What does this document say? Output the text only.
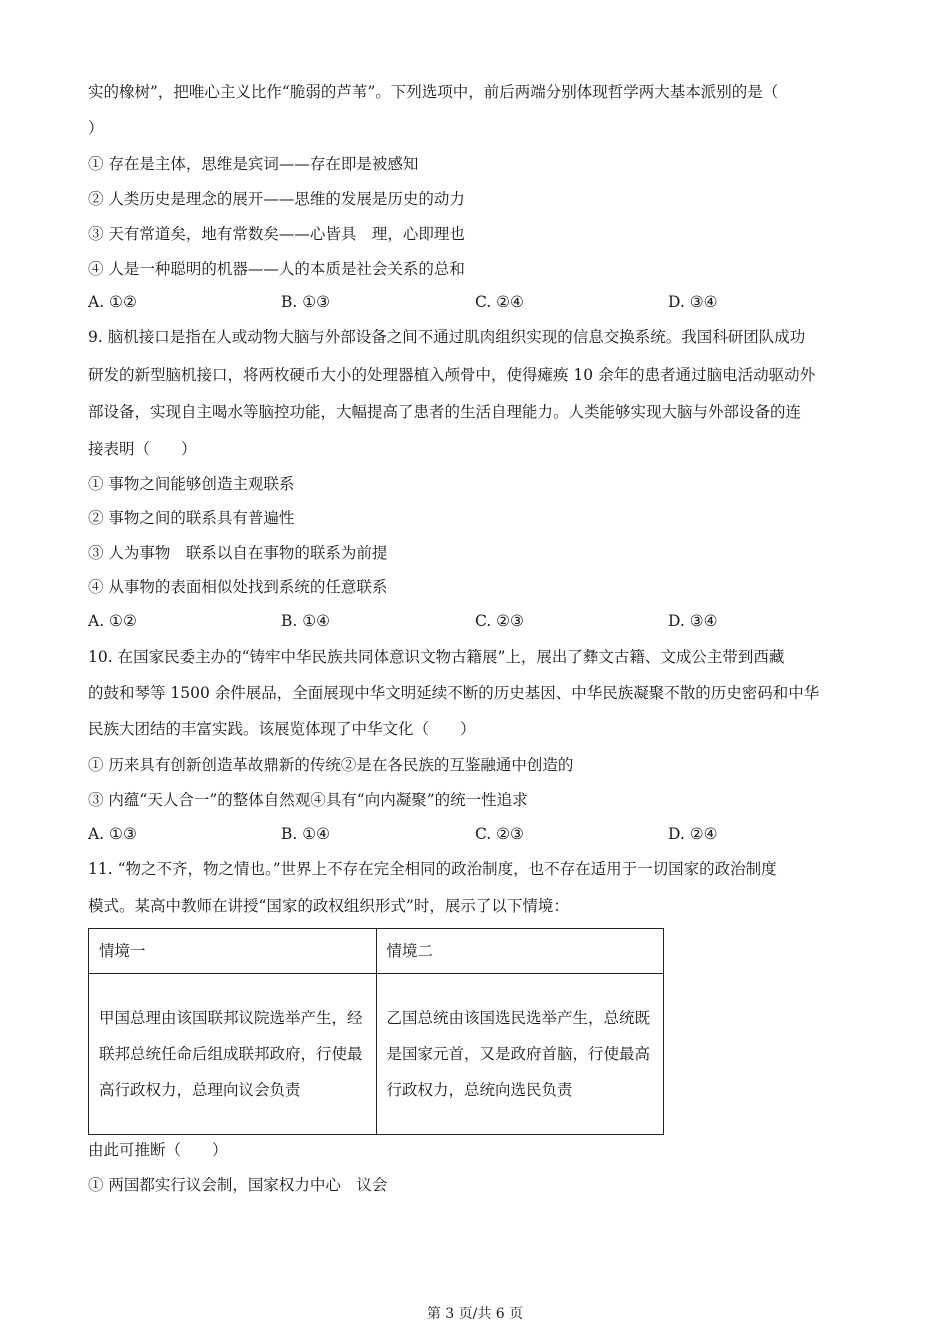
实的橡树”，把唯心主义比作“脆弱的芦苇”。下列选项中，前后两端分别体现哲学两大基本派别的是（
）
① 存在是主体，思维是宾词——存在即是被感知
② 人类历史是理念的展开——思维的发展是历史的动力
③ 天有常道矣，地有常数矣——心皆具　理，心即理也
④ 人是一种聪明的机器——人的本质是社会关系的总和
A. ①②	B. ①③	C. ②④	D. ③④
9. 脑机接口是指在人或动物大脑与外部设备之间不通过肌肉组织实现的信息交换系统。我国科研团队成功
研发的新型脑机接口，将两枚硬币大小的处理器植入颅骨中，使得瘫痪 10 余年的患者通过脑电活动驱动外
部设备，实现自主喝水等脑控功能，大幅提高了患者的生活自理能力。人类能够实现大脑与外部设备的连
接表明（　　）
① 事物之间能够创造主观联系
② 事物之间的联系具有普遍性
③ 人为事物　联系以自在事物的联系为前提
④ 从事物的表面相似处找到系统的任意联系
A. ①②	B. ①④	C. ②③	D. ③④
10. 在国家民委主办的“铸牢中华民族共同体意识文物古籍展”上，展出了彝文古籍、文成公主带到西藏
的鼓和琴等 1500 余件展品，全面展现中华文明延续不断的历史基因、中华民族凝聚不散的历史密码和中华
民族大团结的丰富实践。该展览体现了中华文化（　　）
① 历来具有创新创造革故鼎新的传统②是在各民族的互鉴融通中创造的
③ 内蕴“天人合一”的整体自然观④具有“向内凝聚”的统一性追求
A. ①③	B. ①④	C. ②③	D. ②④
11. “物之不齐，物之情也。”世界上不存在完全相同的政治制度，也不存在适用于一切国家的政治制度
模式。某高中教师在讲授“国家的政权组织形式”时，展示了以下情境：
情境一	情境二
甲国总理由该国联邦议院选举产生，经联邦总统任命后组成联邦政府，行使最高行政权力，总理向议会负责	乙国总统由该国选民选举产生，总统既是国家元首，又是政府首脑，行使最高行政权力，总统向选民负责
由此可推断（　　）
① 两国都实行议会制，国家权力中心　议会
第 3 页/共 6 页
